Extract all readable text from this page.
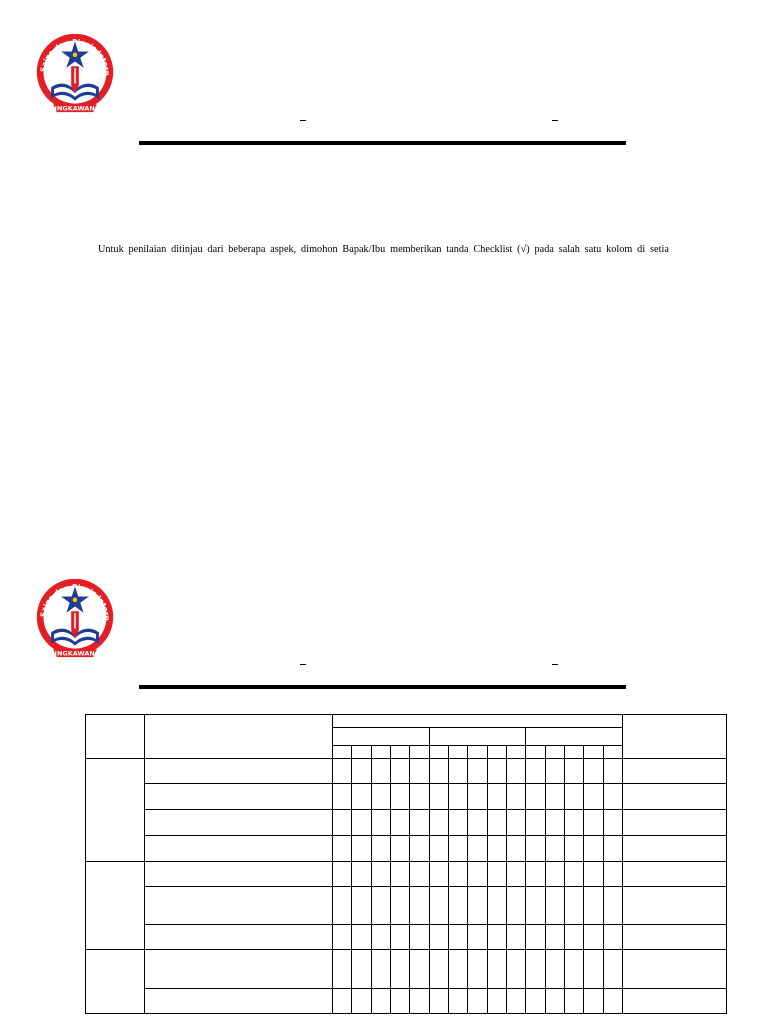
Untuk penilaian ditinjau dari beberapa aspek, dimohon Bapak/Ibu memberikan tanda Checklist (√) pada salah satu kolom di setia
